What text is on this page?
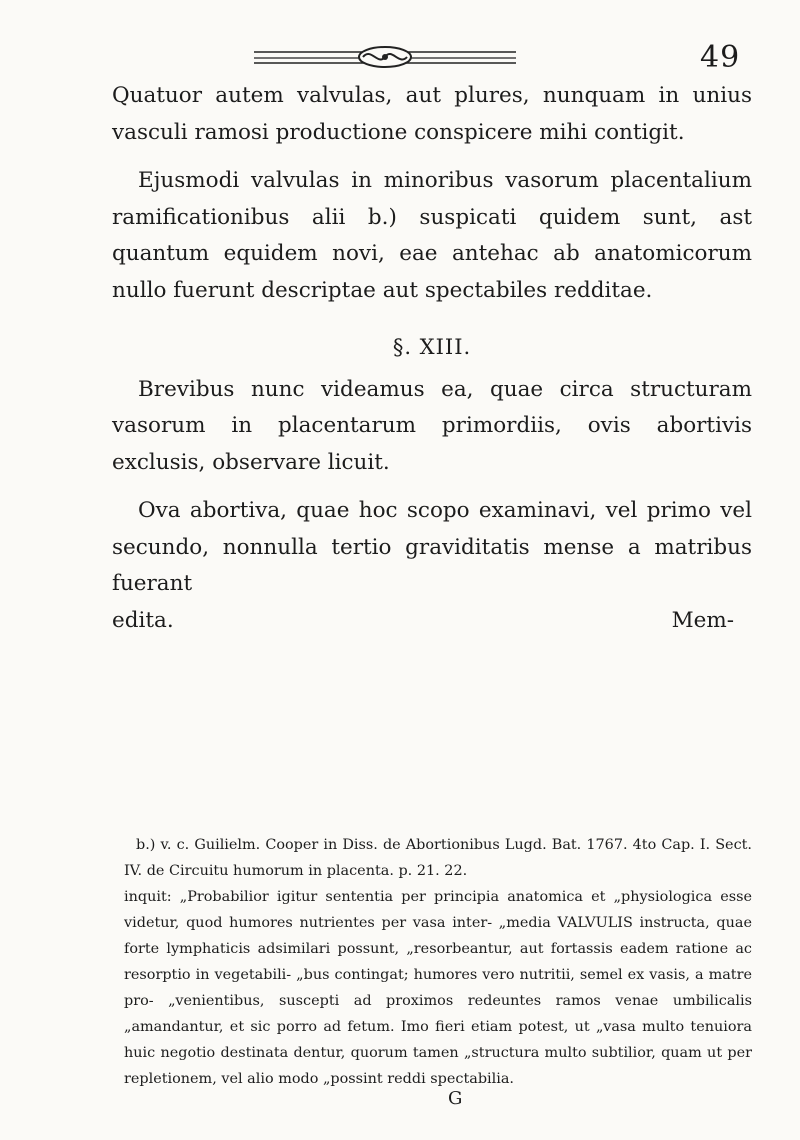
49

Quatuor autem valvulas, aut plures, nunquam in unius vasculi ramosi productione conspicere mihi contigit.

Ejusmodi valvulas in minoribus vasorum placentalium ramificationibus alii b.) suspicati quidem sunt, ast quantum equidem novi, eae antehac ab anatomicorum nullo fuerunt descriptae aut spectabiles redditae.

§. XIII.

Brevibus nunc videamus ea, quae circa structuram vasorum in placentarum primordiis, ovis abortivis exclusis, observare licuit.

Ova abortiva, quae hoc scopo examinavi, vel primo vel secundo, nonnulla tertio graviditatis mense a matribus fuerant

edita.	Mem-

b.) v. c. Guilielm. Cooper in Diss. de Abortionibus Lugd. Bat. 1767. 4to Cap. I. Sect. IV. de Circuitu humorum in placenta. p. 21. 22.

inquit: „Probabilior igitur sententia per principia anatomica et „physiologica esse videtur, quod humores nutrientes per vasa inter- „media VALVULIS instructa, quae forte lymphaticis adsimilari possunt, „resorbeantur, aut fortassis eadem ratione ac resorptio in vegetabili- „bus contingat; humores vero nutritii, semel ex vasis, a matre pro- „venientibus, suscepti ad proximos redeuntes ramos venae umbilicalis „amandantur, et sic porro ad fetum. Imo fieri etiam potest, ut „vasa multo tenuiora huic negotio destinata dentur, quorum tamen „structura multo subtilior, quam ut per repletionem, vel alio modo „possint reddi spectabilia.

G
